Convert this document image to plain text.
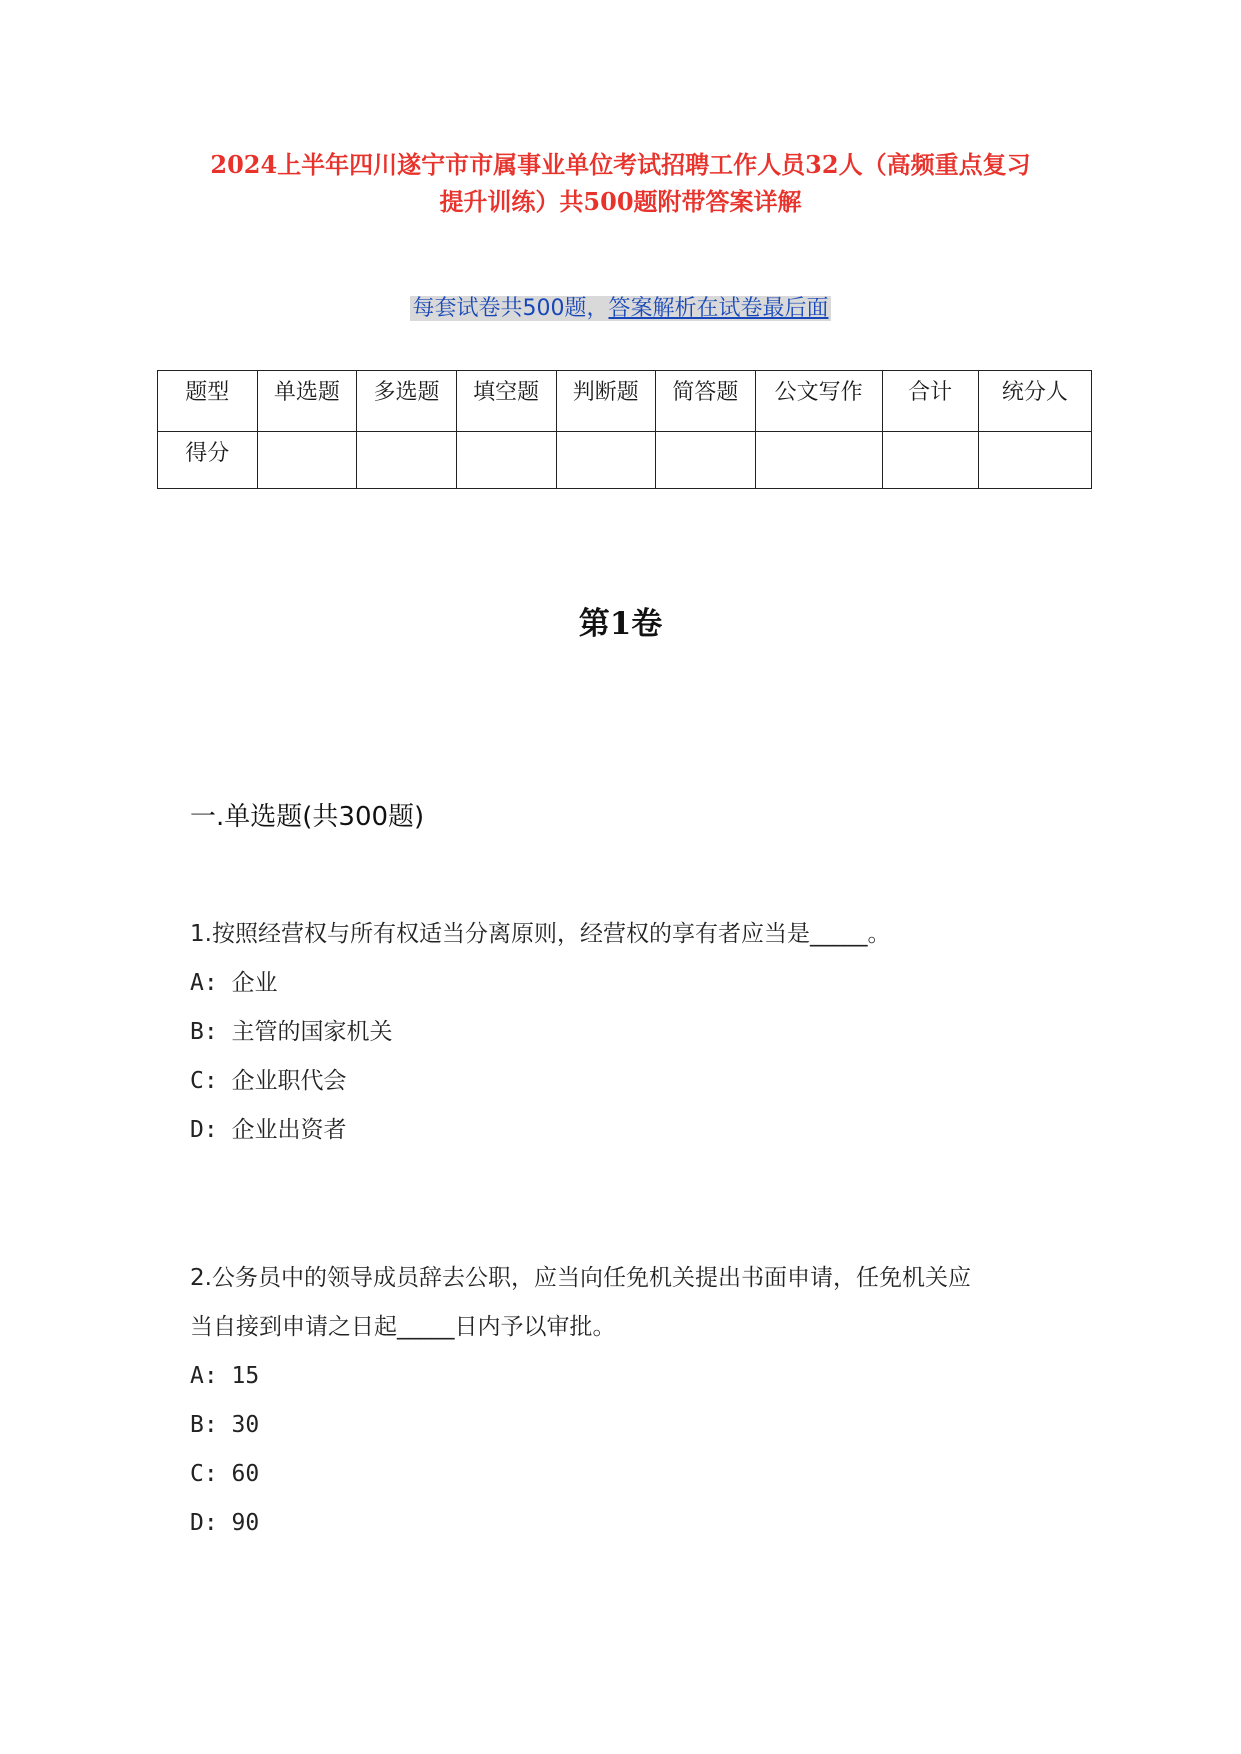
2024上半年四川遂宁市市属事业单位考试招聘工作人员32人（高频重点复习
提升训练）共500题附带答案详解
每套试卷共500题，答案解析在试卷最后面
题型	单选题	多选题	填空题	判断题	简答题	公文写作	合计	统分人
得分								
第1卷
一.单选题(共300题)

1.按照经营权与所有权适当分离原则，经营权的享有者应当是_____。

A: 企业

B: 主管的国家机关

C: 企业职代会

D: 企业出资者

2.公务员中的领导成员辞去公职，应当向任免机关提出书面申请，任免机关应

当自接到申请之日起_____日内予以审批。

A: 15

B: 30

C: 60

D: 90
